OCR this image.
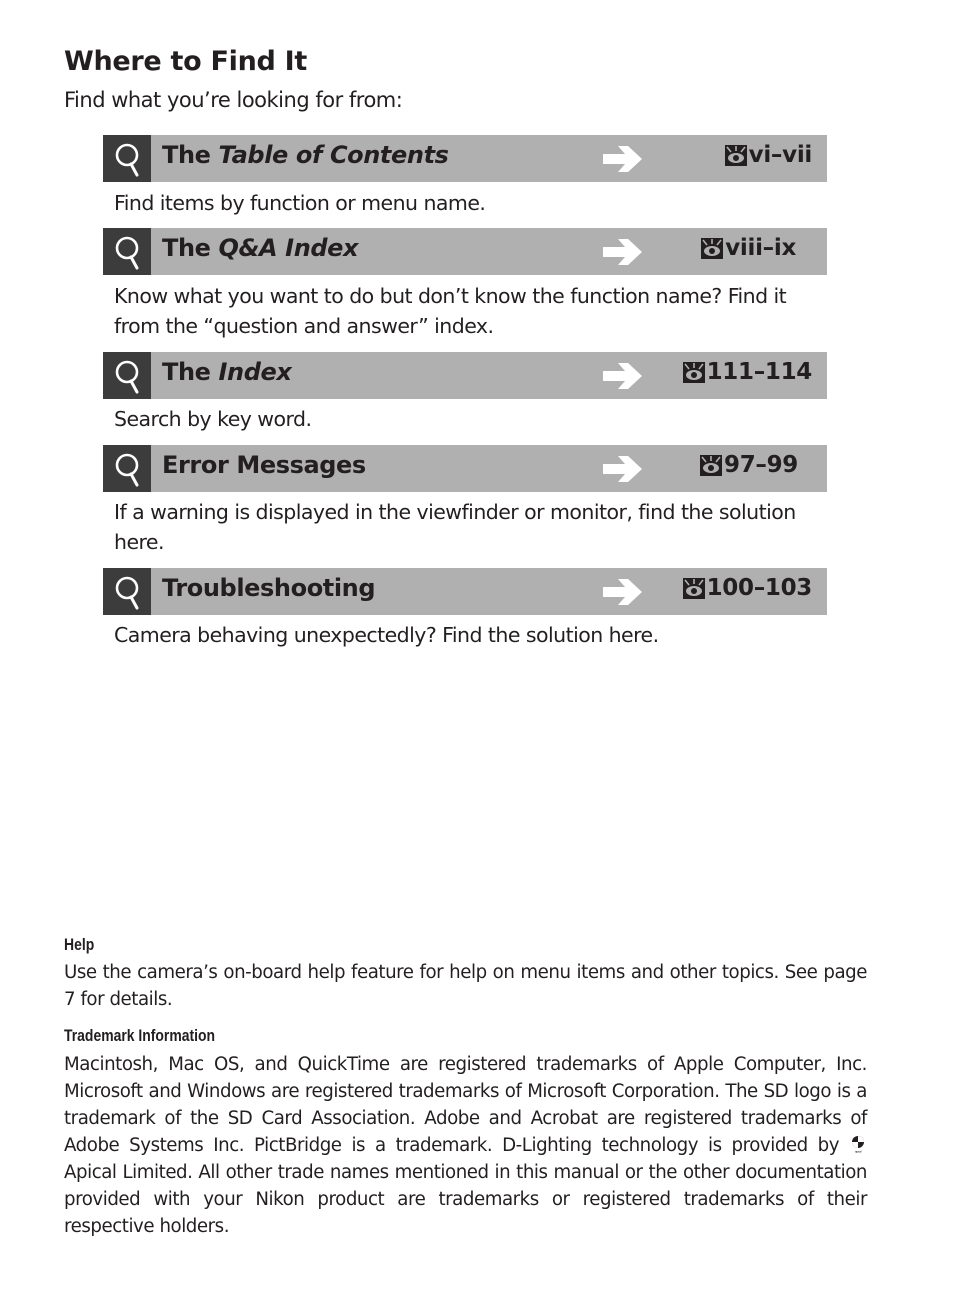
Where to Find It
Find what you’re looking for from:
The Table of Contents	vi–vii
Find items by function or menu name.
The Q&A Index	viii–ix
Know what you want to do but don’t know the function name? Find it from the “question and answer” index.
The Index	111–114
Search by key word.
Error Messages	97–99
If a warning is displayed in the viewfinder or monitor, find the solution here.
Troubleshooting	100–103
Camera behaving unexpectedly? Find the solution here.
Help
Use the camera’s on-board help feature for help on menu items and other topics. See page 7 for details.
Trademark Information
Macintosh, Mac OS, and QuickTime are registered trademarks of Apple Computer, Inc. Microsoft and Windows are registered trademarks of Microsoft Corporation. The SD logo is a trademark of the SD Card Association. Adobe and Acrobat are registered trademarks of Adobe Systems Inc. PictBridge is a trademark. D-Lighting technology is provided by	apical
Apical Limited. All other trade names mentioned in this manual or the other documentation provided with your Nikon product are trademarks or registered trademarks of their respective holders.
